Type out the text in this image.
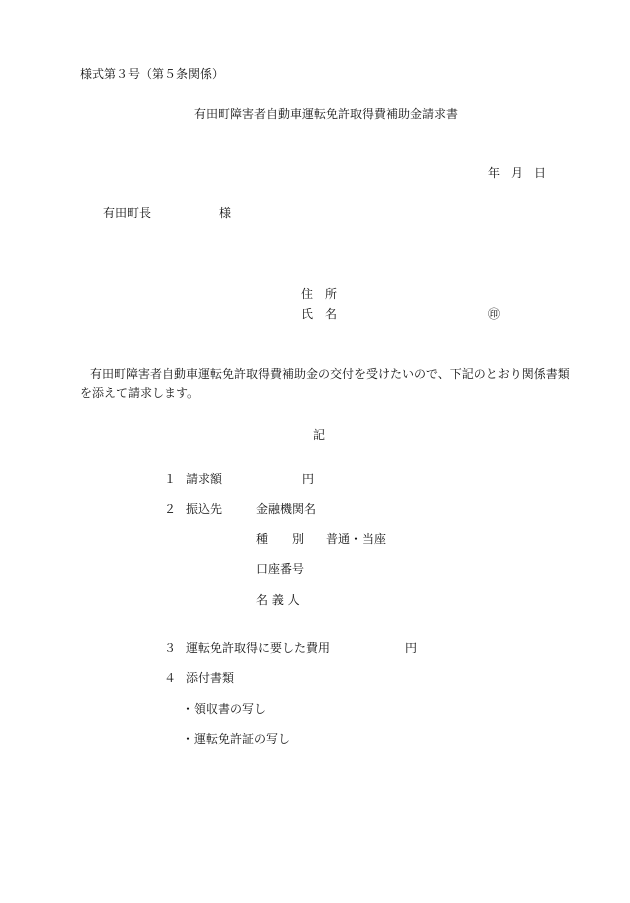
様式第３号（第５条関係）
有田町障害者自動車運転免許取得費補助金請求書
年 月 日
有田町長	様
住　所
氏　名	㊞
有田町障害者自動車運転免許取得費補助金の交付を受けたいので、下記のとおり関係書類
を添えて請求します。
記
１ 請求額	円
２ 振込先	金融機関名
種　　別 普通・当座
口座番号
名 義 人
３ 運転免許取得に要した費用	円
４ 添付書類
・領収書の写し
・運転免許証の写し
